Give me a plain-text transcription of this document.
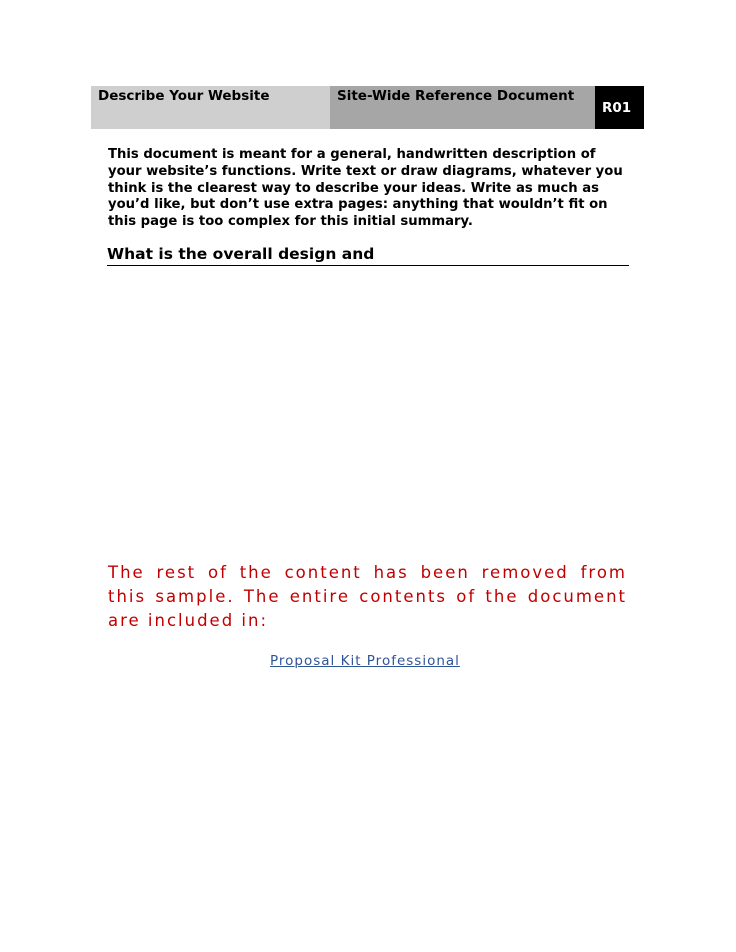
Describe Your Website	Site-Wide Reference Document
R01

This document is meant for a general, handwritten description of your website’s functions. Write text or draw diagrams, whatever you think is the clearest way to describe your ideas. Write as much as you’d like, but don’t use extra pages: anything that wouldn’t fit on this page is too complex for this initial summary.

What is the overall design and

The rest of the content has been removed from this sample. The entire contents of the document are included in:

Proposal Kit Professional
